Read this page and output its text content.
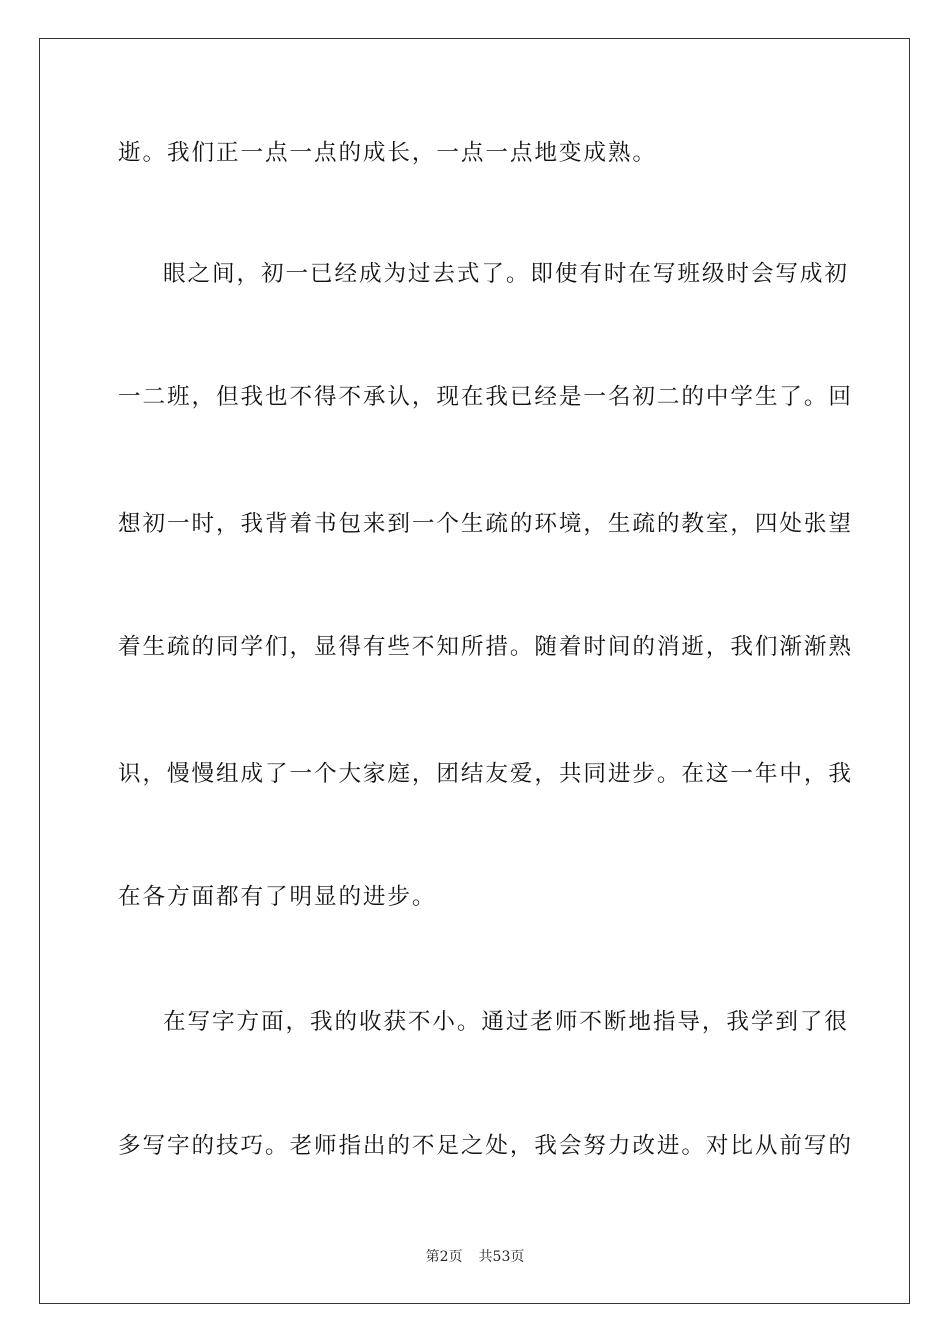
逝。我们正一点一点的成长，一点一点地变成熟。
眼之间，初一已经成为过去式了。即使有时在写班级时会写成初
一二班，但我也不得不承认，现在我已经是一名初二的中学生了。回
想初一时，我背着书包来到一个生疏的环境，生疏的教室，四处张望
着生疏的同学们，显得有些不知所措。随着时间的消逝，我们渐渐熟
识，慢慢组成了一个大家庭，团结友爱，共同进步。在这一年中，我
在各方面都有了明显的进步。
在写字方面，我的收获不小。通过老师不断地指导，我学到了很
多写字的技巧。老师指出的不足之处，我会努力改进。对比从前写的
第2页 共53页
